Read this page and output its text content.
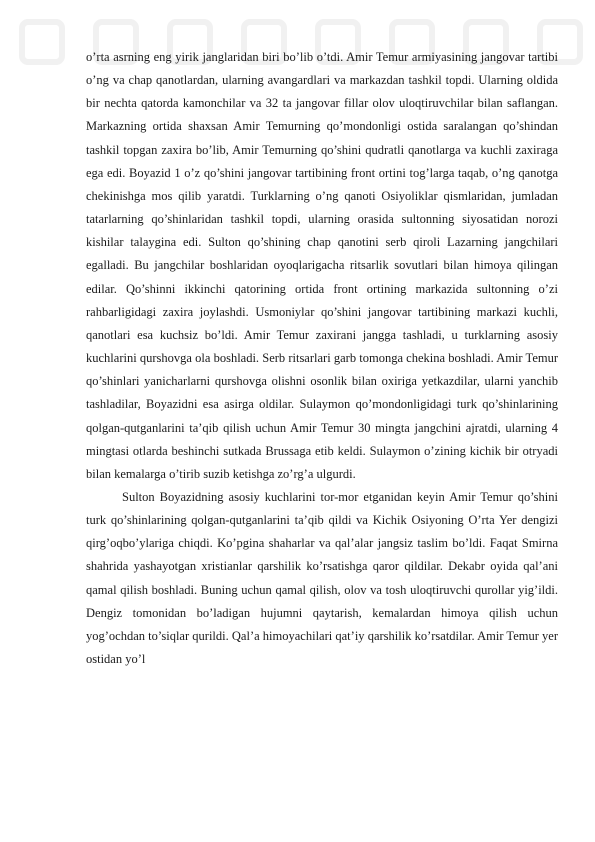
o’rta asrning eng yirik janglaridan biri bo’lib o’tdi. Amir Temur armiyasining jangovar tartibi o’ng va chap qanotlardan, ularning avangardlari va markazdan tashkil topdi. Ularning oldida bir nechta qatorda kamonchilar va 32 ta jangovar fillar olov uloqtiruvchilar bilan saflangan. Markazning ortida shaxsan Amir Temurning qo’mondonligi ostida saralangan qo’shindan tashkil topgan zaxira bo’lib, Amir Temurning qo’shini qudratli qanotlarga va kuchli zaxiraga ega edi. Boyazid 1 o’z qo’shini jangovar tartibining front ortini tog’larga taqab, o’ng qanotga chekinishga mos qilib yaratdi. Turklarning o’ng qanoti Osiyoliklar qismlaridan, jumladan tatarlarning qo’shinlaridan tashkil topdi, ularning orasida sultonning siyosatidan norozi kishilar talaygina edi. Sulton qo’shining chap qanotini serb qiroli Lazarning jangchilari egalladi. Bu jangchilar boshlaridan oyoqlarigacha ritsarlik sovutlari bilan himoya qilingan edilar. Qo’shinni ikkinchi qatorining ortida front ortining markazida sultonning o’zi rahbarligidagi zaxira joylashdi. Usmoniylar qo’shini jangovar tartibining markazi kuchli, qanotlari esa kuchsiz bo’ldi. Amir Temur zaxirani jangga tashladi, u turklarning asosiy kuchlarini qurshovga ola boshladi. Serb ritsarlari garb tomonga chekina boshladi. Amir Temur qo’shinlari yanicharlarni qurshovga olishni osonlik bilan oxiriga yetkazdilar, ularni yanchib tashladilar, Boyazidni esa asirga oldilar. Sulaymon qo’mondonligidagi turk qo’shinlarining qolgan-qutganlarini ta’qib qilish uchun Amir Temur 30 mingta jangchini ajratdi, ularning 4 mingtasi otlarda beshinchi sutkada Brussaga etib keldi. Sulaymon o’zining kichik bir otryadi bilan kemalarga o’tirib suzib ketishga zo’rg’a ulgurdi.

Sulton Boyazidning asosiy kuchlarini tor-mor etganidan keyin Amir Temur qo’shini turk qo’shinlarining qolgan-qutganlarini ta’qib qildi va Kichik Osiyoning O’rta Yer dengizi qirg’oqbo’ylariga chiqdi. Ko’pgina shaharlar va qal’alar jangsiz taslim bo’ldi. Faqat Smirna shahrida yashayotgan xristianlar qarshilik ko’rsatishga qaror qildilar. Dekabr oyida qal’ani qamal qilish boshladi. Buning uchun qamal qilish, olov va tosh uloqtiruvchi qurollar yig’ildi. Dengiz tomonidan bo’ladigan hujumni qaytarish, kemalardan himoya qilish uchun yog’ochdan to’siqlar qurildi. Qal’a himoyachilari qat’iy qarshilik ko’rsatdilar. Amir Temur yer ostidan yo’l
